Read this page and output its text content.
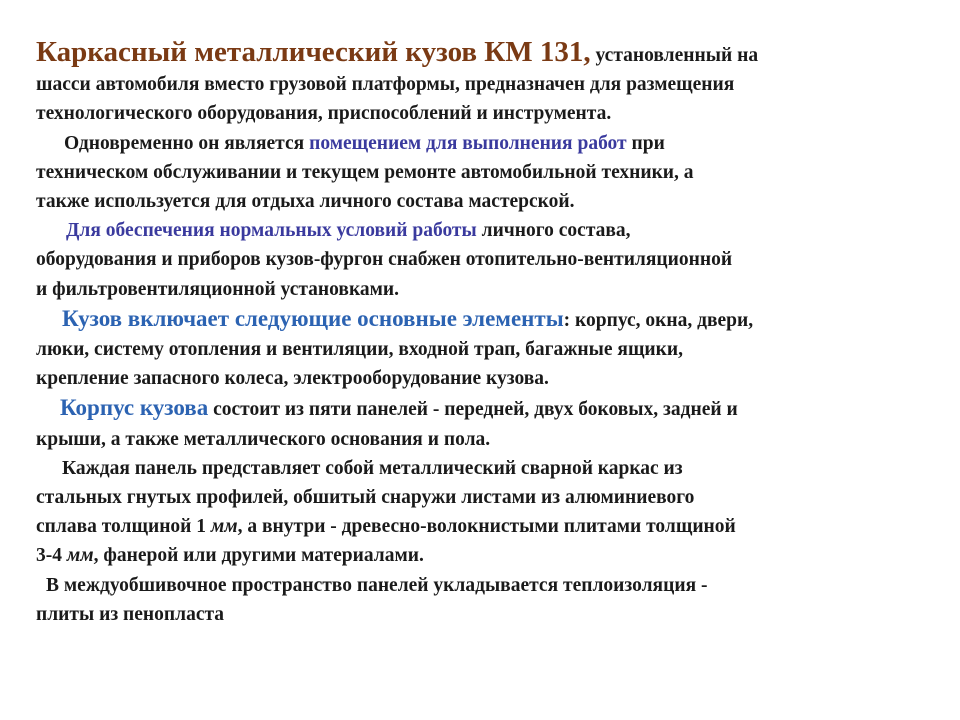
Каркасный металлический кузов КМ 131, установленный на

шасси автомобиля вместо грузовой платформы, предназначен для размещения

технологического оборудования, приспособлений и инструмента.

Одновременно он является помещением для выполнения работ при

техническом обслуживании и текущем ремонте автомобильной техники, а

также используется для отдыха личного состава мастерской.

Для обеспечения нормальных условий работы личного состава,

оборудования и приборов кузов-фургон снабжен отопительно-вентиляционной

и фильтровентиляционной установками.

Кузов включает следующие основные элементы: корпус, окна, двери,

люки, систему отопления и вентиляции, входной трап, багажные ящики,

крепление запасного колеса, электрооборудование кузова.

Корпус кузова состоит из пяти панелей - передней, двух боковых, задней и

крыши, а также металлического основания и пола.

Каждая панель представляет собой металлический сварной каркас из

стальных гнутых профилей, обшитый снаружи листами из алюминиевого

сплава толщиной 1 мм, а внутри - древесно-волокнистыми плитами толщиной

3-4 мм, фанерой или другими материалами.

В междуобшивочное пространство панелей укладывается теплоизоляция -

плиты из пенопласта
